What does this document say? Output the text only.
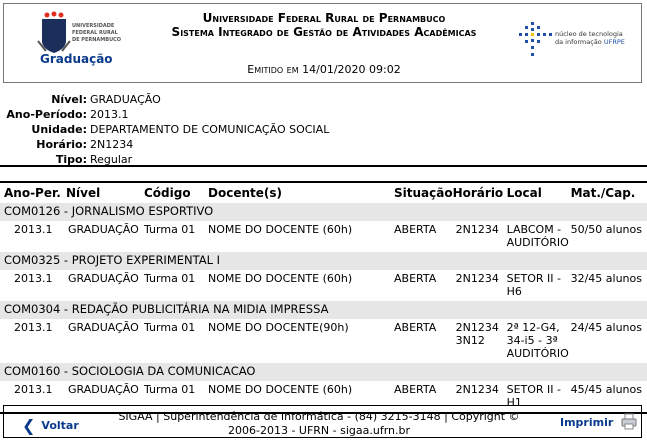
UNIVERSIDADE
FEDERAL RURAL
DE PERNAMBUCO
Graduação
Universidade Federal Rural de Pernambuco
Sistema Integrado de Gestão de Atividades Acadêmicas
Emitido em 14/01/2020 09:02
núcleo de tecnologia
da informação UFRPE
Nível: GRADUAÇÃO
Ano-Período: 2013.1
Unidade: DEPARTAMENTO DE COMUNICAÇÃO SOCIAL
Horário: 2N1234
Tipo: Regular
Ano-Per.	Nível	Código	Docente(s)	Situação	Horário	Local	Mat./Cap.
COM0126 - JORNALISMO ESPORTIVO							
2013.1	GRADUAÇÃO	Turma 01	NOME DO DOCENTE (60h)	ABERTA	2N1234	LABCOM - AUDITÓRIO	50/50 alunos
COM0325 - PROJETO EXPERIMENTAL I							
2013.1	GRADUAÇÃO	Turma 01	NOME DO DOCENTE (60h)	ABERTA	2N1234	SETOR II - H6	32/45 alunos
COM0304 - REDAÇÃO PUBLICITÁRIA NA MIDIA IMPRESSA							
2013.1	GRADUAÇÃO	Turma 01	NOME DO DOCENTE(90h)	ABERTA	2N1234 3N12	2ª 12-G4, 34-i5 - 3ª AUDITÓRIO	24/45 alunos
COM0160 - SOCIOLOGIA DA COMUNICACAO							
2013.1	GRADUAÇÃO	Turma 01	NOME DO DOCENTE (60h)	ABERTA	2N1234	SETOR II - H1	45/45 alunos
❮ Voltar
SIGAA | Superintendência de Informática - (84) 3215-3148 | Copyright ©
2006-2013 - UFRN - sigaa.ufrn.br
Imprimir
